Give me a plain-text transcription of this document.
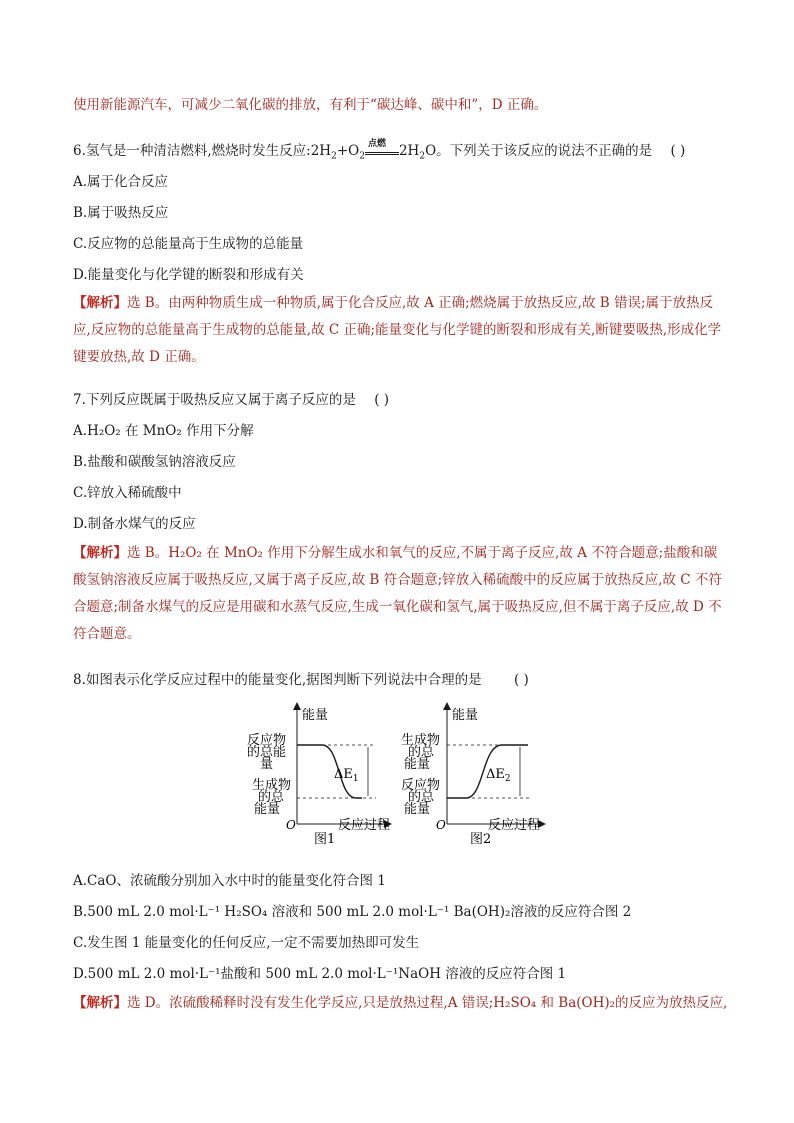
使用新能源汽车，可减少二氧化碳的排放，有利于“碳达峰、碳中和”，D 正确。
6.氢气是一种清洁燃料,燃烧时发生反应$:2H_2+O_2$
点燃 $2H_2O$。下列关于该反应的说法不正确的是 ( )
A.属于化合反应
B.属于吸热反应
C.反应物的总能量高于生成物的总能量
D.能量变化与化学键的断裂和形成有关
【解析】选 B。由两种物质生成一种物质,属于化合反应,故 A 正确;燃烧属于放热反应,故 B 错误;属于放热反应,反应物的总能量高于生成物的总能量,故 C 正确;能量变化与化学键的断裂和形成有关,断键要吸热,形成化学键要放热,故 D 正确。
7.下列反应既属于吸热反应又属于离子反应的是 ( )
A.H₂O₂ 在 MnO₂ 作用下分解
B.盐酸和碳酸氢钠溶液反应
C.锌放入稀硫酸中
D.制备水煤气的反应
【解析】选 B。H₂O₂ 在 MnO₂ 作用下分解生成水和氧气的反应,不属于离子反应,故 A 不符合题意;盐酸和碳酸氢钠溶液反应属于吸热反应,又属于离子反应,故 B 符合题意;锌放入稀硫酸中的反应属于放热反应,故 C 不符合题意;制备水煤气的反应是用碳和水蒸气反应,生成一氧化碳和氢气,属于吸热反应,但不属于离子反应,故 D 不符合题意。
8.如图表示化学反应过程中的能量变化,据图判断下列说法中合理的是 ( )
能量
反应物
的总能
量
生成物
的总
能量
$\Delta E_1$
O	反应过程
图1
能量
生成物
的总
能量
反应物
的总
能量
$\Delta E_2$
O	反应过程
图2
A.CaO、浓硫酸分别加入水中时的能量变化符合图 1
B.500 mL 2.0 mol·L⁻¹ H₂SO₄ 溶液和 500 mL 2.0 mol·L⁻¹ Ba(OH)₂溶液的反应符合图 2
C.发生图 1 能量变化的任何反应,一定不需要加热即可发生
D.500 mL 2.0 mol·L⁻¹盐酸和 500 mL 2.0 mol·L⁻¹NaOH 溶液的反应符合图 1
【解析】选 D。浓硫酸稀释时没有发生化学反应,只是放热过程,A 错误;H₂SO₄ 和 Ba(OH)₂的反应为放热反应,
